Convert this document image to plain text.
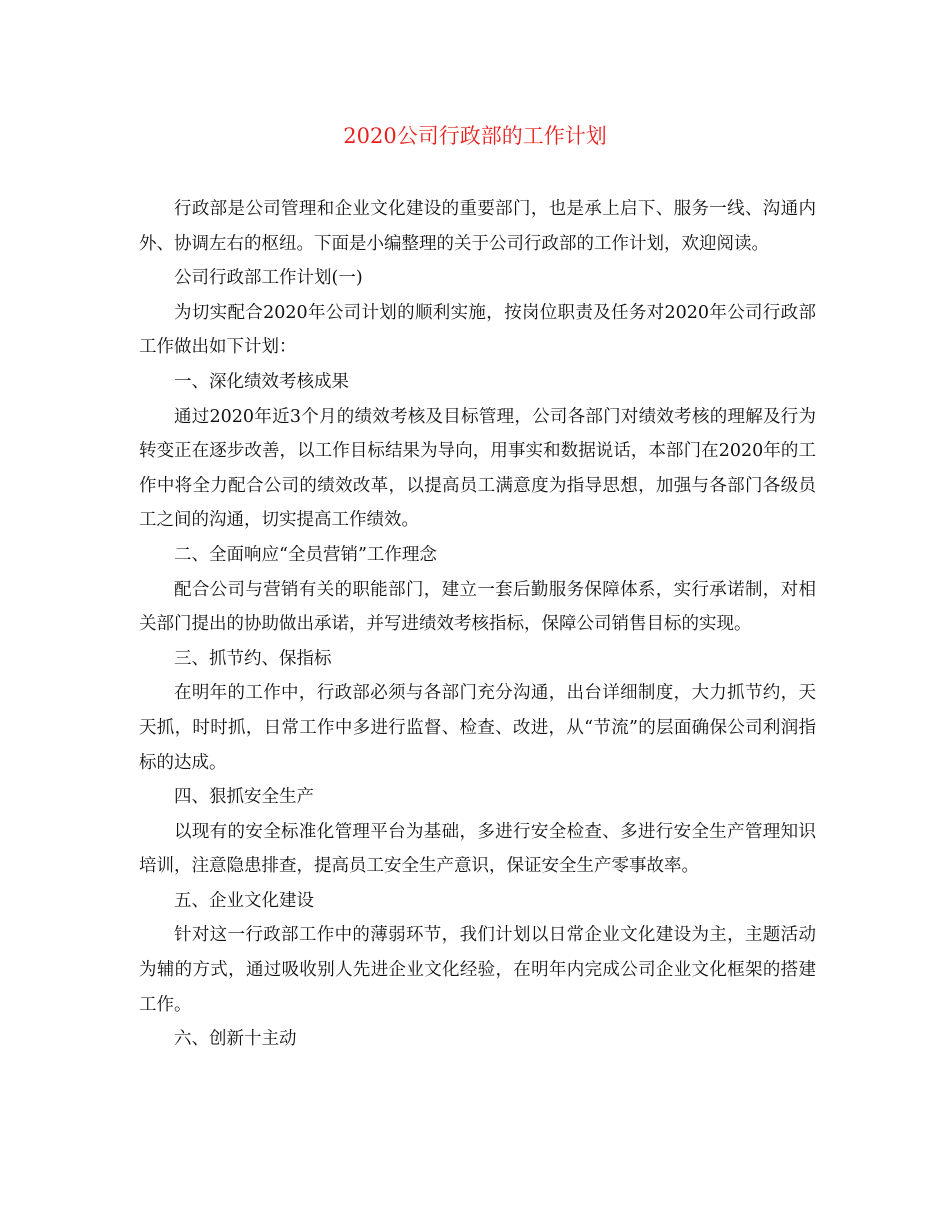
2020公司行政部的工作计划

行政部是公司管理和企业文化建设的重要部门，也是承上启下、服务一线、沟通内外、协调左右的枢纽。下面是小编整理的关于公司行政部的工作计划，欢迎阅读。

公司行政部工作计划(一)

为切实配合2020年公司计划的顺利实施，按岗位职责及任务对2020年公司行政部工作做出如下计划：

一、深化绩效考核成果

通过2020年近3个月的绩效考核及目标管理，公司各部门对绩效考核的理解及行为转变正在逐步改善，以工作目标结果为导向，用事实和数据说话，本部门在2020年的工作中将全力配合公司的绩效改革，以提高员工满意度为指导思想，加强与各部门各级员工之间的沟通，切实提高工作绩效。

二、全面响应“全员营销”工作理念

配合公司与营销有关的职能部门，建立一套后勤服务保障体系，实行承诺制，对相关部门提出的协助做出承诺，并写进绩效考核指标，保障公司销售目标的实现。

三、抓节约、保指标

在明年的工作中，行政部必须与各部门充分沟通，出台详细制度，大力抓节约，天天抓，时时抓，日常工作中多进行监督、检查、改进，从“节流”的层面确保公司利润指标的达成。

四、狠抓安全生产

以现有的安全标准化管理平台为基础，多进行安全检查、多进行安全生产管理知识培训，注意隐患排查，提高员工安全生产意识，保证安全生产零事故率。

五、企业文化建设

针对这一行政部工作中的薄弱环节，我们计划以日常企业文化建设为主，主题活动为辅的方式，通过吸收别人先进企业文化经验，在明年内完成公司企业文化框架的搭建工作。

六、创新十主动
